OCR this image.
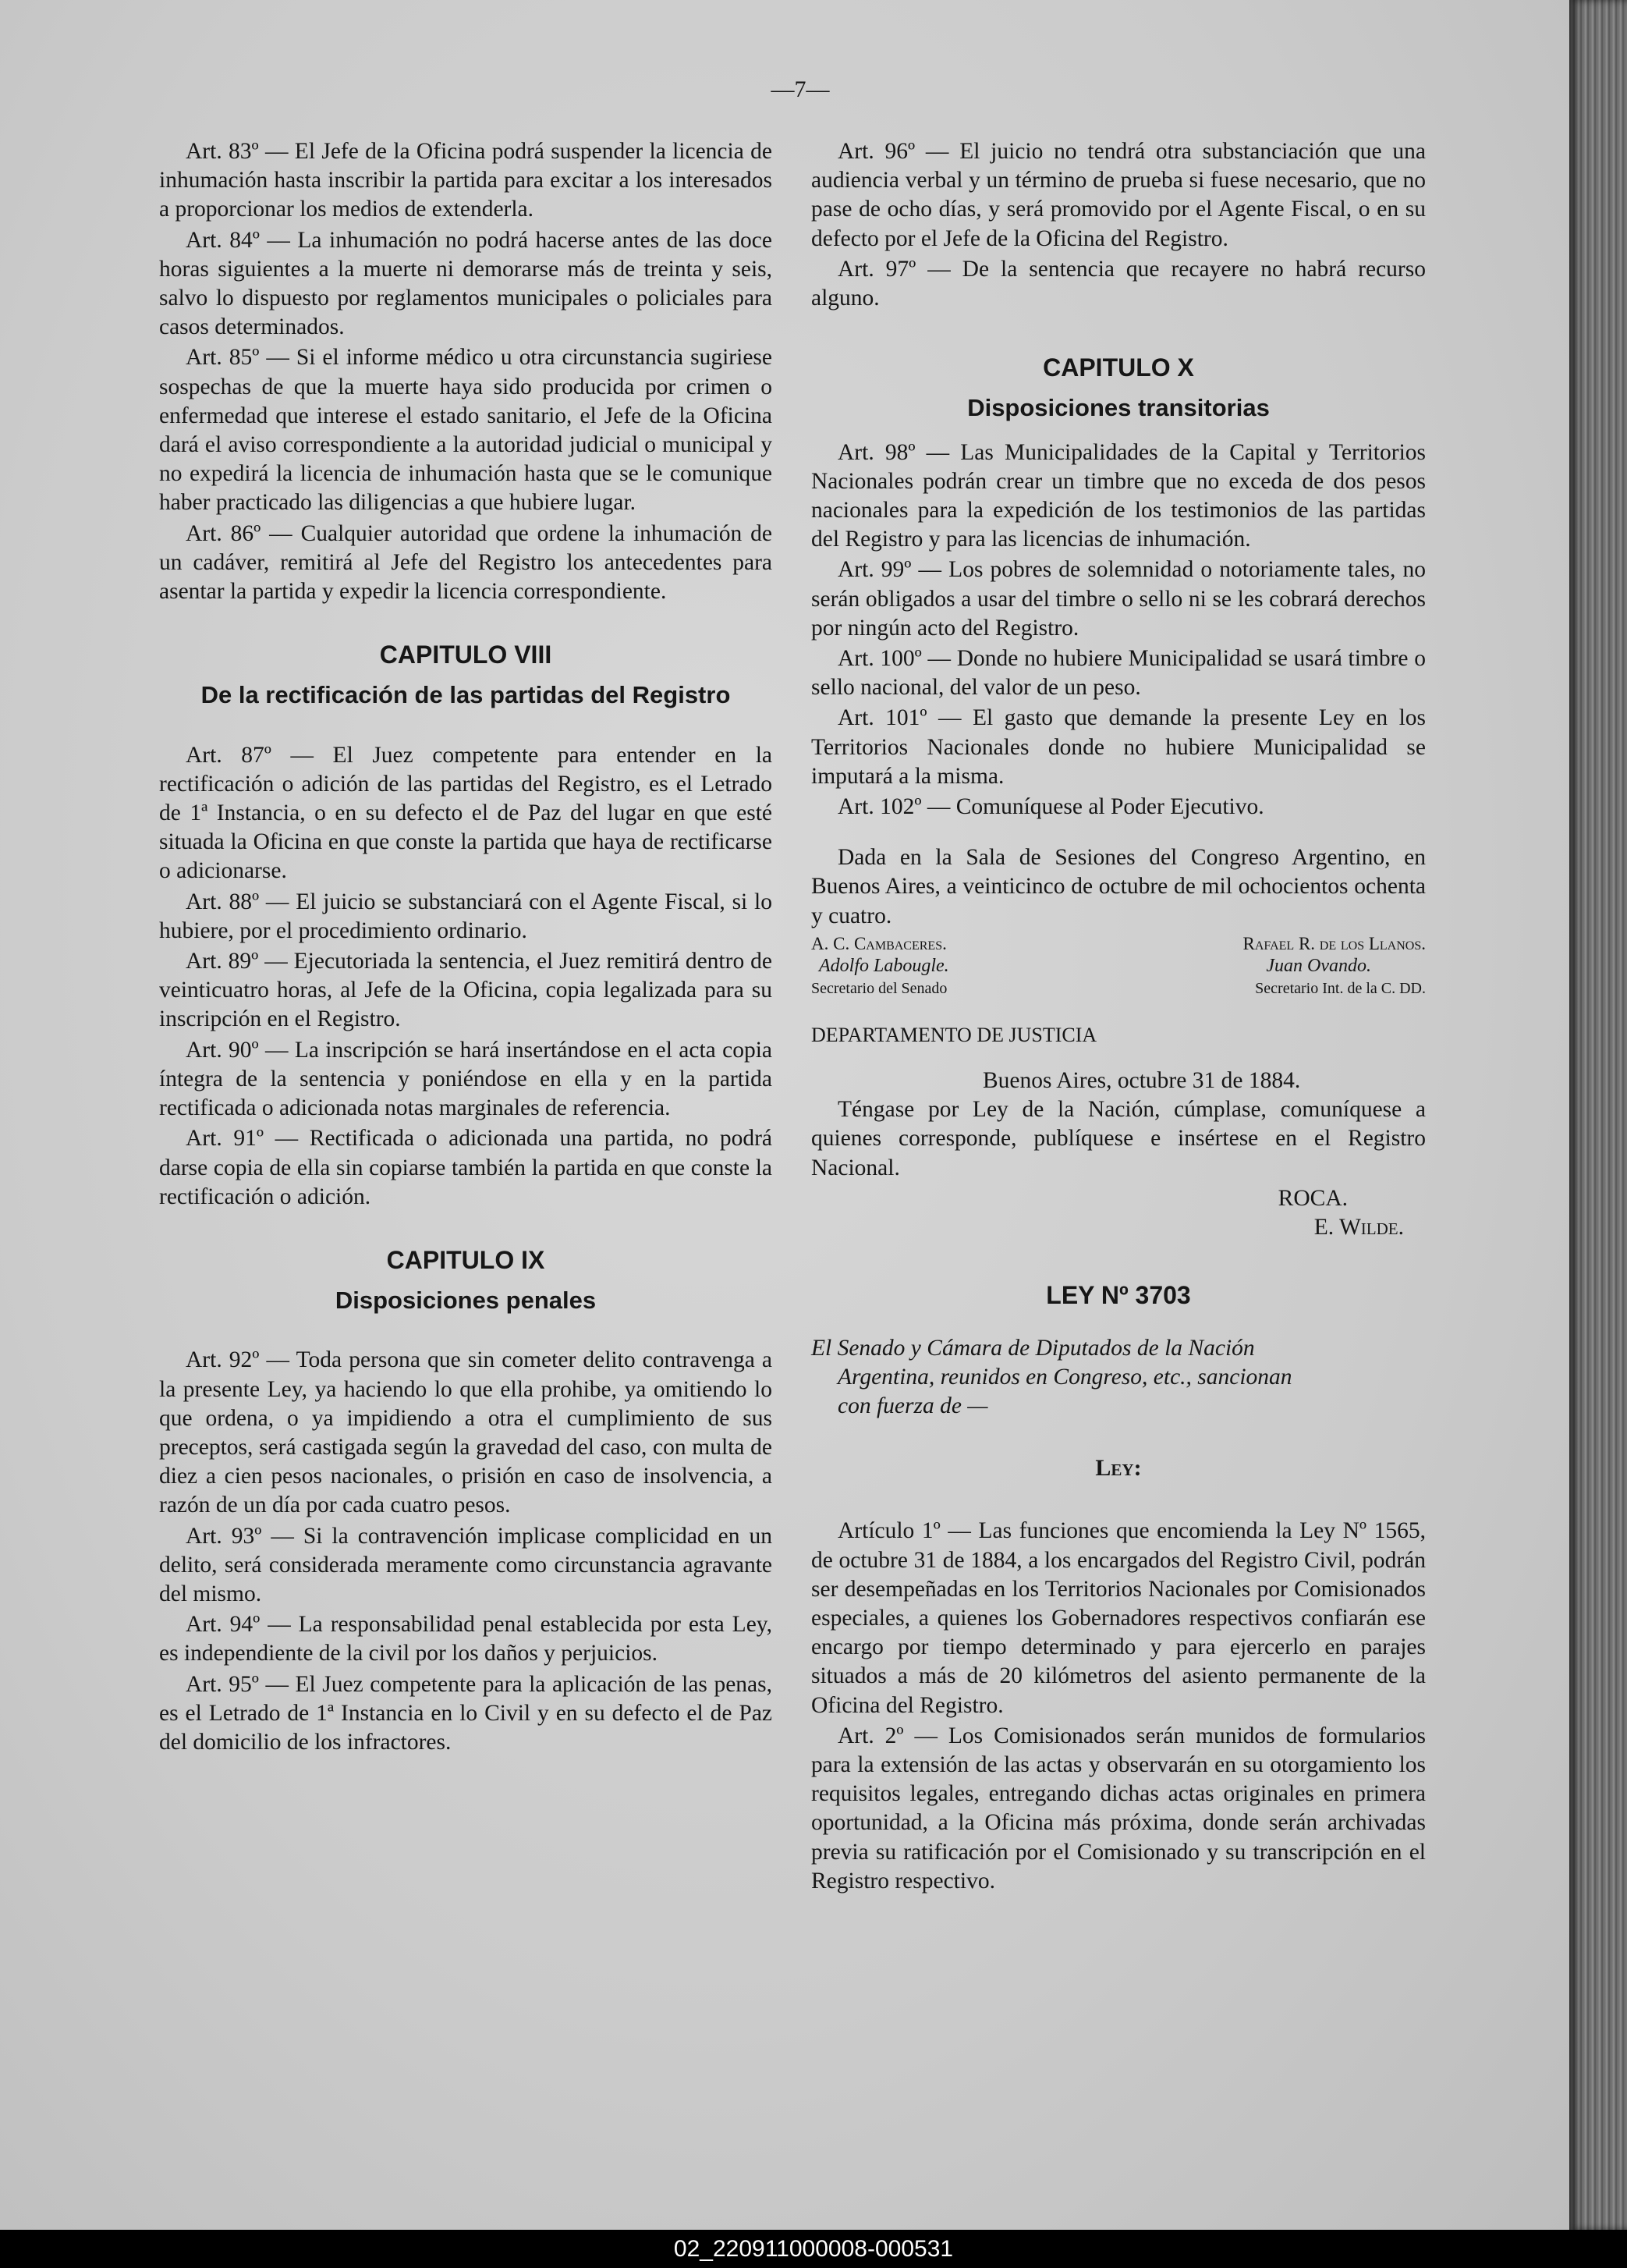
—7—

Art. 83º — El Jefe de la Oficina podrá suspender la licencia de inhumación hasta inscribir la partida para excitar a los interesados a proporcionar los medios de extenderla.

Art. 84º — La inhumación no podrá hacerse antes de las doce horas siguientes a la muerte ni demorarse más de treinta y seis, salvo lo dispuesto por reglamentos municipales o policiales para casos determinados.

Art. 85º — Si el informe médico u otra circunstancia sugiriese sospechas de que la muerte haya sido producida por crimen o enfermedad que interese el estado sanitario, el Jefe de la Oficina dará el aviso correspondiente a la autoridad judicial o municipal y no expedirá la licencia de inhumación hasta que se le comunique haber practicado las diligencias a que hubiere lugar.

Art. 86º — Cualquier autoridad que ordene la inhumación de un cadáver, remitirá al Jefe del Registro los antecedentes para asentar la partida y expedir la licencia correspondiente.

CAPITULO VIII

De la rectificación de las partidas del Registro

Art. 87º — El Juez competente para entender en la rectificación o adición de las partidas del Registro, es el Letrado de 1ª Instancia, o en su defecto el de Paz del lugar en que esté situada la Oficina en que conste la partida que haya de rectificarse o adicionarse.

Art. 88º — El juicio se substanciará con el Agente Fiscal, si lo hubiere, por el procedimiento ordinario.

Art. 89º — Ejecutoriada la sentencia, el Juez remitirá dentro de veinticuatro horas, al Jefe de la Oficina, copia legalizada para su inscripción en el Registro.

Art. 90º — La inscripción se hará insertándose en el acta copia íntegra de la sentencia y poniéndose en ella y en la partida rectificada o adicionada notas marginales de referencia.

Art. 91º — Rectificada o adicionada una partida, no podrá darse copia de ella sin copiarse también la partida en que conste la rectificación o adición.

CAPITULO IX

Disposiciones penales

Art. 92º — Toda persona que sin cometer delito contravenga a la presente Ley, ya haciendo lo que ella prohibe, ya omitiendo lo que ordena, o ya impidiendo a otra el cumplimiento de sus preceptos, será castigada según la gravedad del caso, con multa de diez a cien pesos nacionales, o prisión en caso de insolvencia, a razón de un día por cada cuatro pesos.

Art. 93º — Si la contravención implicase complicidad en un delito, será considerada meramente como circunstancia agravante del mismo.

Art. 94º — La responsabilidad penal establecida por esta Ley, es independiente de la civil por los daños y perjuicios.

Art. 95º — El Juez competente para la aplicación de las penas, es el Letrado de 1ª Instancia en lo Civil y en su defecto el de Paz del domicilio de los infractores.

Art. 96º — El juicio no tendrá otra substanciación que una audiencia verbal y un término de prueba si fuese necesario, que no pase de ocho días, y será promovido por el Agente Fiscal, o en su defecto por el Jefe de la Oficina del Registro.

Art. 97º — De la sentencia que recayere no habrá recurso alguno.

CAPITULO X

Disposiciones transitorias

Art. 98º — Las Municipalidades de la Capital y Territorios Nacionales podrán crear un timbre que no exceda de dos pesos nacionales para la expedición de los testimonios de las partidas del Registro y para las licencias de inhumación.

Art. 99º — Los pobres de solemnidad o notoriamente tales, no serán obligados a usar del timbre o sello ni se les cobrará derechos por ningún acto del Registro.

Art. 100º — Donde no hubiere Municipalidad se usará timbre o sello nacional, del valor de un peso.

Art. 101º — El gasto que demande la presente Ley en los Territorios Nacionales donde no hubiere Municipalidad se imputará a la misma.

Art. 102º — Comuníquese al Poder Ejecutivo.

Dada en la Sala de Sesiones del Congreso Argentino, en Buenos Aires, a veinticinco de octubre de mil ochocientos ochenta y cuatro.

A. C. Cambaceres.	Rafael R. de los Llanos.
Adolfo Labougle.	Juan Ovando.
Secretario del Senado	Secretario Int. de la C. DD.

DEPARTAMENTO DE JUSTICIA

Buenos Aires, octubre 31 de 1884.

Téngase por Ley de la Nación, cúmplase, comuníquese a quienes corresponde, publíquese e insértese en el Registro Nacional.

ROCA.

E. Wilde.

LEY Nº 3703

El Senado y Cámara de Diputados de la Nación
Argentina, reunidos en Congreso, etc., sancionan
con fuerza de —

Ley:

Artículo 1º — Las funciones que encomienda la Ley Nº 1565, de octubre 31 de 1884, a los encargados del Registro Civil, podrán ser desempeñadas en los Territorios Nacionales por Comisionados especiales, a quienes los Gobernadores respectivos confiarán ese encargo por tiempo determinado y para ejercerlo en parajes situados a más de 20 kilómetros del asiento permanente de la Oficina del Registro.

Art. 2º — Los Comisionados serán munidos de formularios para la extensión de las actas y observarán en su otorgamiento los requisitos legales, entregando dichas actas originales en primera oportunidad, a la Oficina más próxima, donde serán archivadas previa su ratificación por el Comisionado y su transcripción en el Registro respectivo.

02_220911000008-000531
